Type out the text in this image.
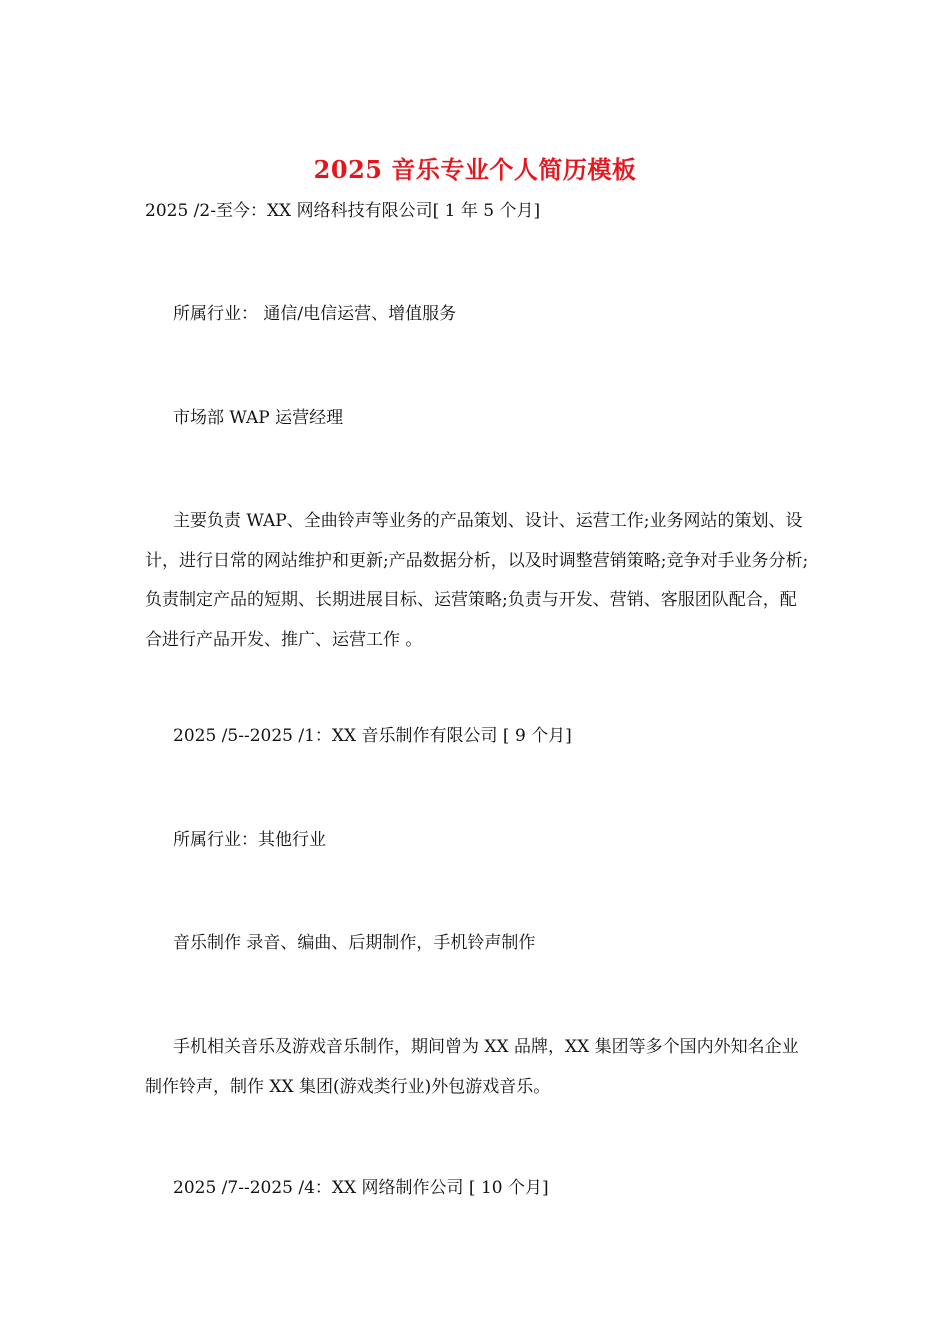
2025 音乐专业个人简历模板
2025 /2-至今：XX 网络科技有限公司[ 1 年 5 个月]
所属行业： 通信/电信运营、增值服务
市场部 WAP 运营经理
主要负责 WAP、全曲铃声等业务的产品策划、设计、运营工作;业务网站的策划、设计，进行日常的网站维护和更新;产品数据分析，以及时调整营销策略;竞争对手业务分析;负责制定产品的短期、长期进展目标、运营策略;负责与开发、营销、客服团队配合，配合进行产品开发、推广、运营工作 。
2025 /5--2025 /1：XX 音乐制作有限公司 [ 9 个月]
所属行业：其他行业
音乐制作 录音、编曲、后期制作，手机铃声制作
手机相关音乐及游戏音乐制作，期间曾为 XX 品牌，XX 集团等多个国内外知名企业制作铃声，制作 XX 集团(游戏类行业)外包游戏音乐。
2025 /7--2025 /4：XX 网络制作公司 [ 10 个月]
